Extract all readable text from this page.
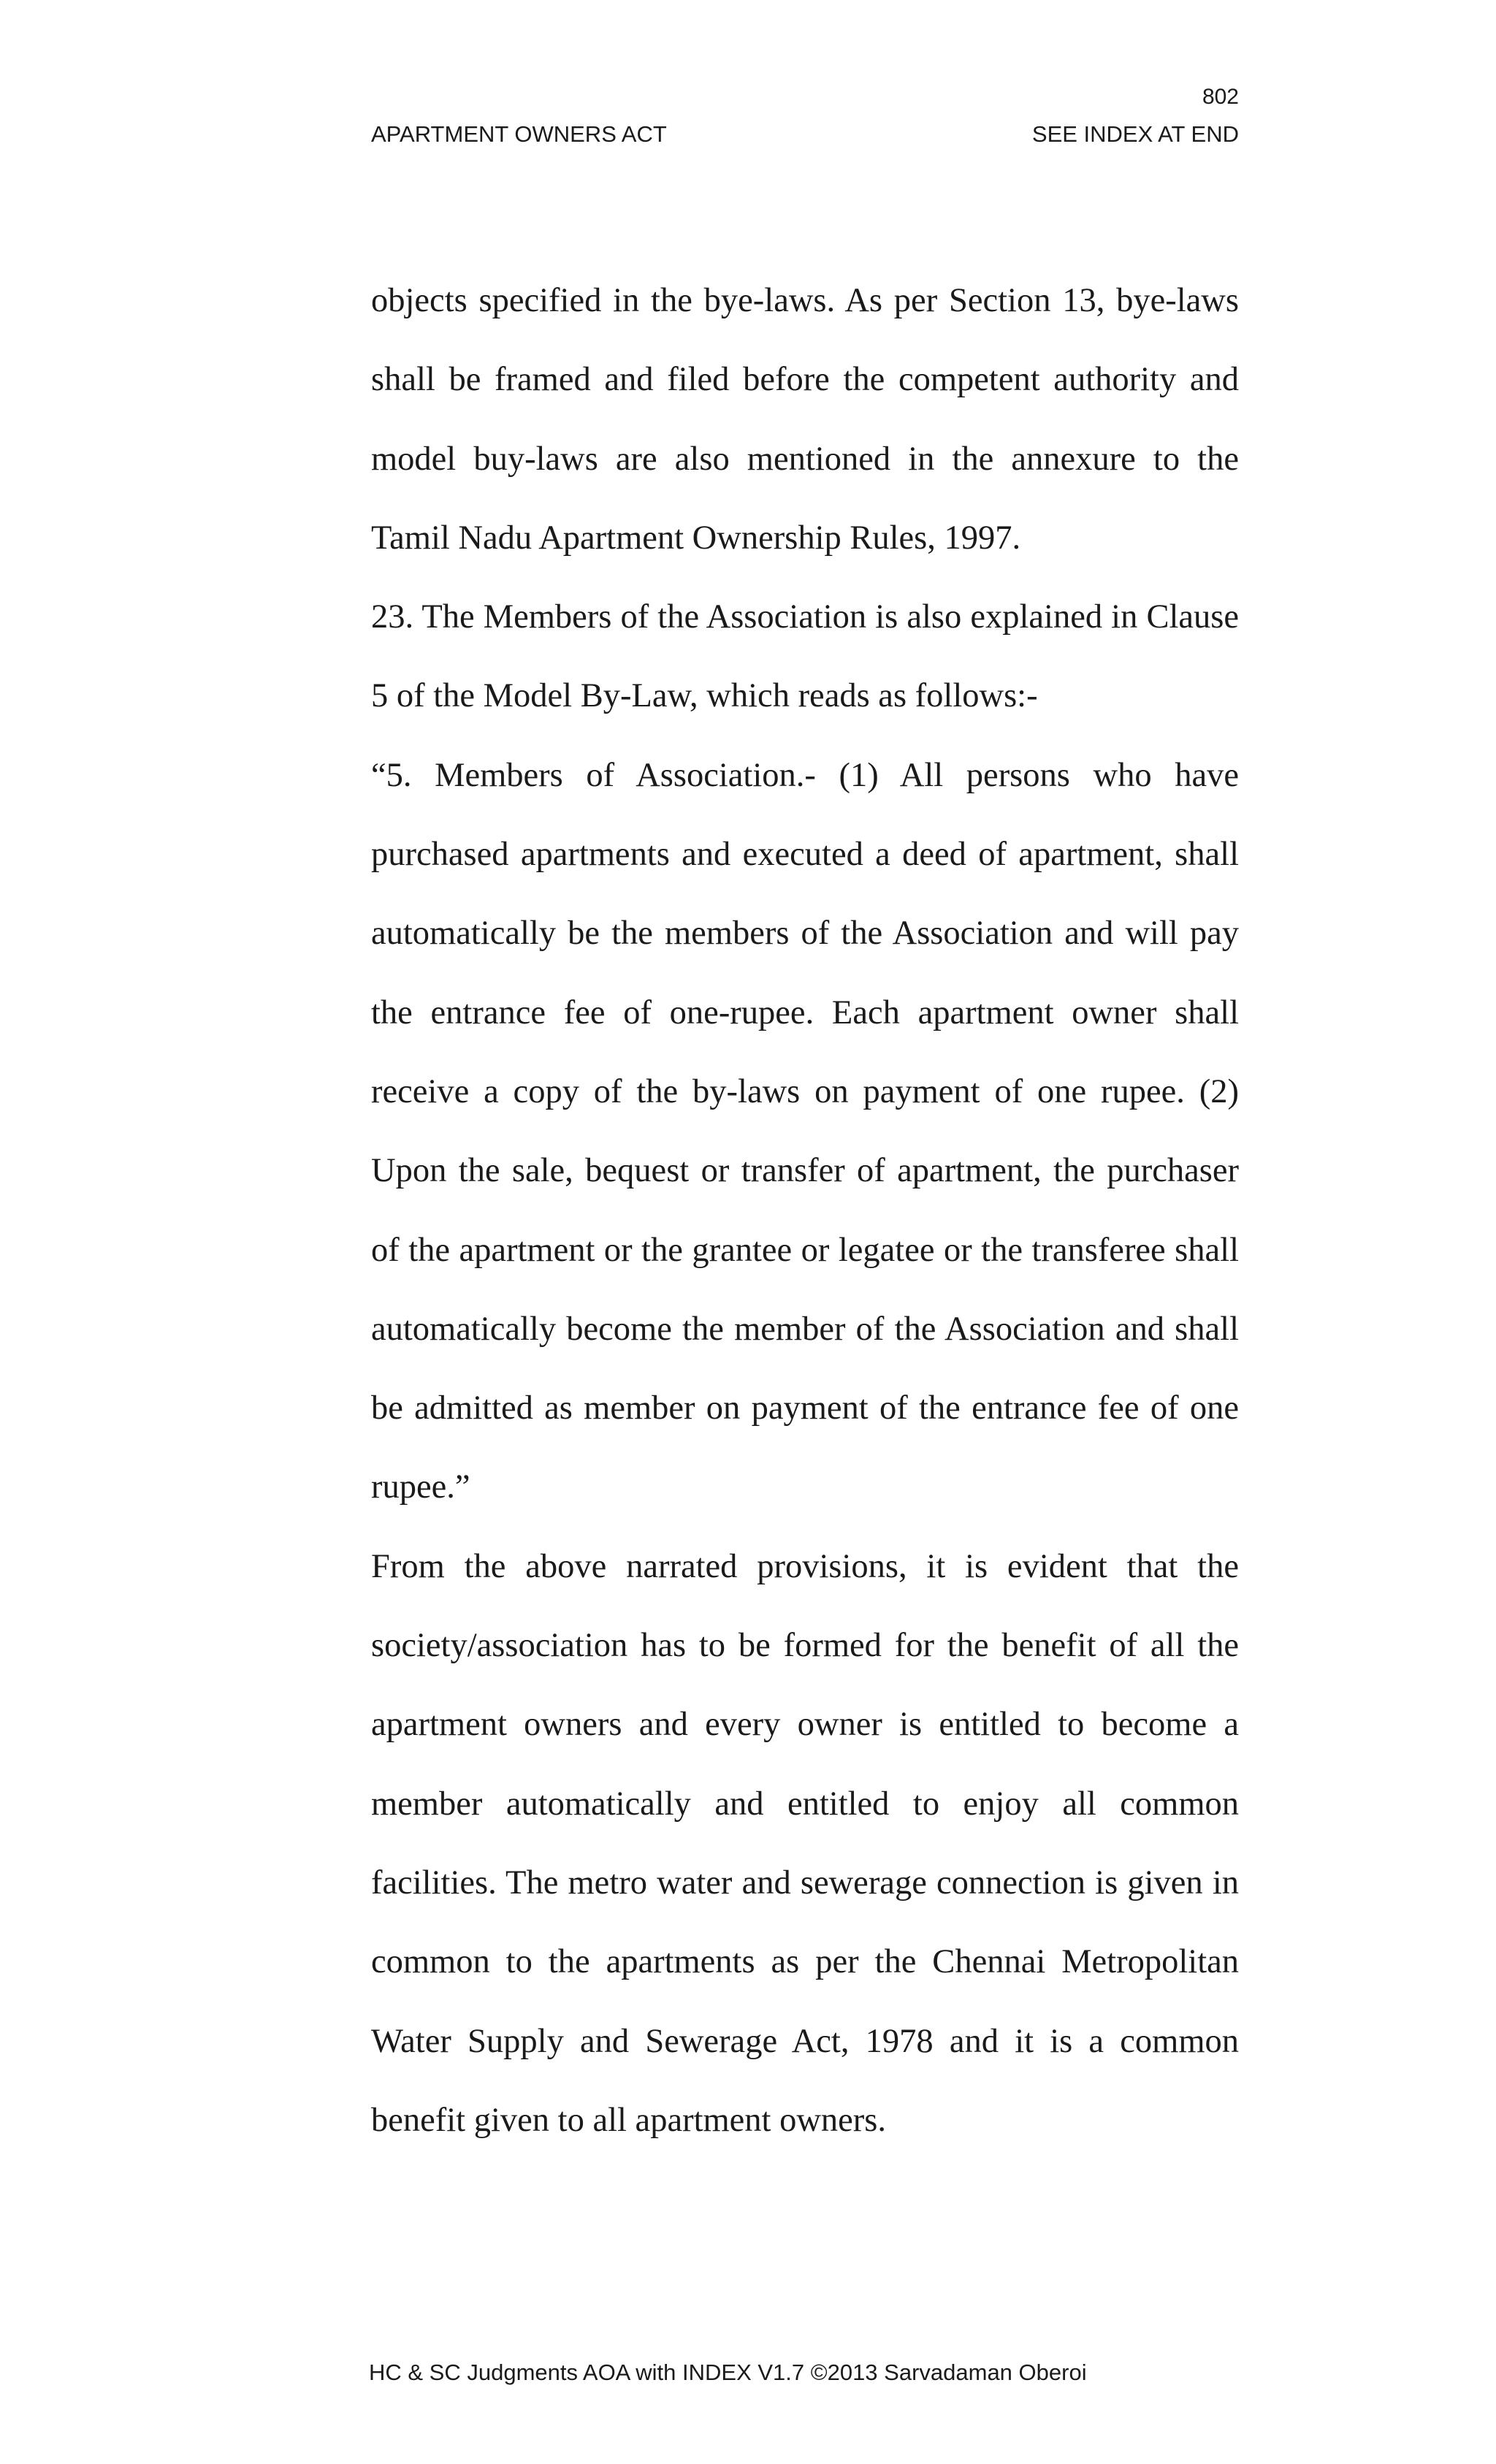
802
APARTMENT OWNERS ACT	SEE INDEX AT END

objects specified in the bye-laws. As per Section 13, bye-laws shall be framed and filed before the competent authority and model buy-laws are also mentioned in the annexure to the Tamil Nadu Apartment Ownership Rules, 1997.

23. The Members of the Association is also explained in Clause 5 of the Model By-Law, which reads as follows:-

“5. Members of Association.- (1) All persons who have purchased apartments and executed a deed of apartment, shall automatically be the members of the Association and will pay the entrance fee of one-rupee. Each apartment owner shall receive a copy of the by-laws on payment of one rupee. (2) Upon the sale, bequest or transfer of apartment, the purchaser of the apartment or the grantee or legatee or the transferee shall automatically become the member of the Association and shall be admitted as member on payment of the entrance fee of one rupee.”

From the above narrated provisions, it is evident that the society/association has to be formed for the benefit of all the apartment owners and every owner is entitled to become a member automatically and entitled to enjoy all common facilities. The metro water and sewerage connection is given in common to the apartments as per the Chennai Metropolitan Water Supply and Sewerage Act, 1978 and it is a common benefit given to all apartment owners.

HC & SC Judgments AOA with INDEX V1.7 ©2013 Sarvadaman Oberoi
